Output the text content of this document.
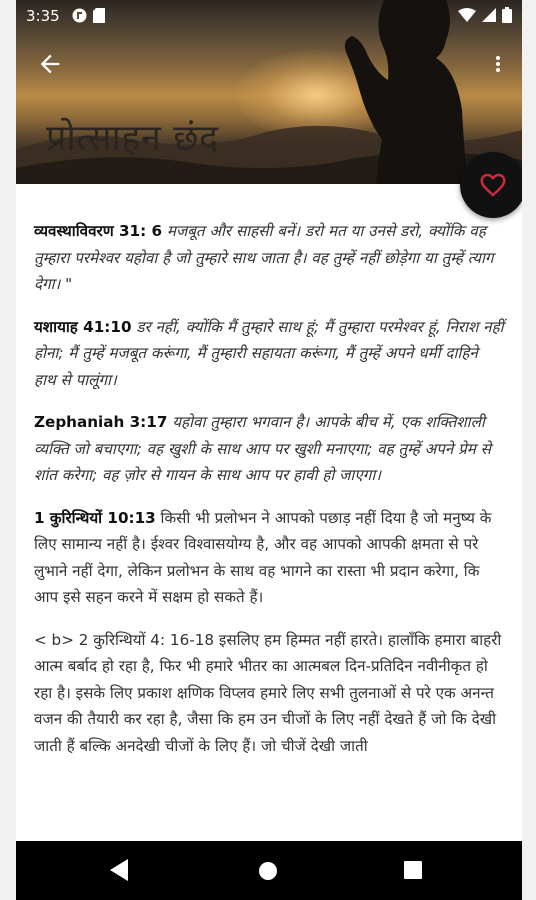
3:35
प्रोत्साहन छंद

व्यवस्थाविवरण 31: 6 मजबूत और साहसी बनें। डरो मत या उनसे डरो, क्योंकि वह तुम्हारा परमेश्वर यहोवा है जो तुम्हारे साथ जाता है। वह तुम्हें नहीं छोड़ेगा या तुम्हें त्याग देगा। "

यशायाह 41:10 डर नहीं, क्योंकि मैं तुम्हारे साथ हूं; मैं तुम्हारा परमेश्वर हूं, निराश नहीं होना; मैं तुम्हें मजबूत करूंगा, मैं तुम्हारी सहायता करूंगा, मैं तुम्हें अपने धर्मी दाहिने हाथ से पालूंगा।

Zephaniah 3:17 यहोवा तुम्हारा भगवान है। आपके बीच में, एक शक्तिशाली व्यक्ति जो बचाएगा; वह खुशी के साथ आप पर खुशी मनाएगा; वह तुम्हें अपने प्रेम से शांत करेगा; वह ज़ोर से गायन के साथ आप पर हावी हो जाएगा।

1 कुरिन्थियों 10:13 किसी भी प्रलोभन ने आपको पछाड़ नहीं दिया है जो मनुष्य के लिए सामान्य नहीं है। ईश्वर विश्वासयोग्य है, और वह आपको आपकी क्षमता से परे लुभाने नहीं देगा, लेकिन प्रलोभन के साथ वह भागने का रास्ता भी प्रदान करेगा, कि आप इसे सहन करने में सक्षम हो सकते हैं।

< b> 2 कुरिन्थियों 4: 16-18 इसलिए हम हिम्मत नहीं हारते। हालाँकि हमारा बाहरी आत्म बर्बाद हो रहा है, फिर भी हमारे भीतर का आत्मबल दिन-प्रतिदिन नवीनीकृत हो रहा है। इसके लिए प्रकाश क्षणिक विप्लव हमारे लिए सभी तुलनाओं से परे एक अनन्त वजन की तैयारी कर रहा है, जैसा कि हम उन चीजों के लिए नहीं देखते हैं जो कि देखी जाती हैं बल्कि अनदेखी चीजों के लिए हैं। जो चीजें देखी जाती
